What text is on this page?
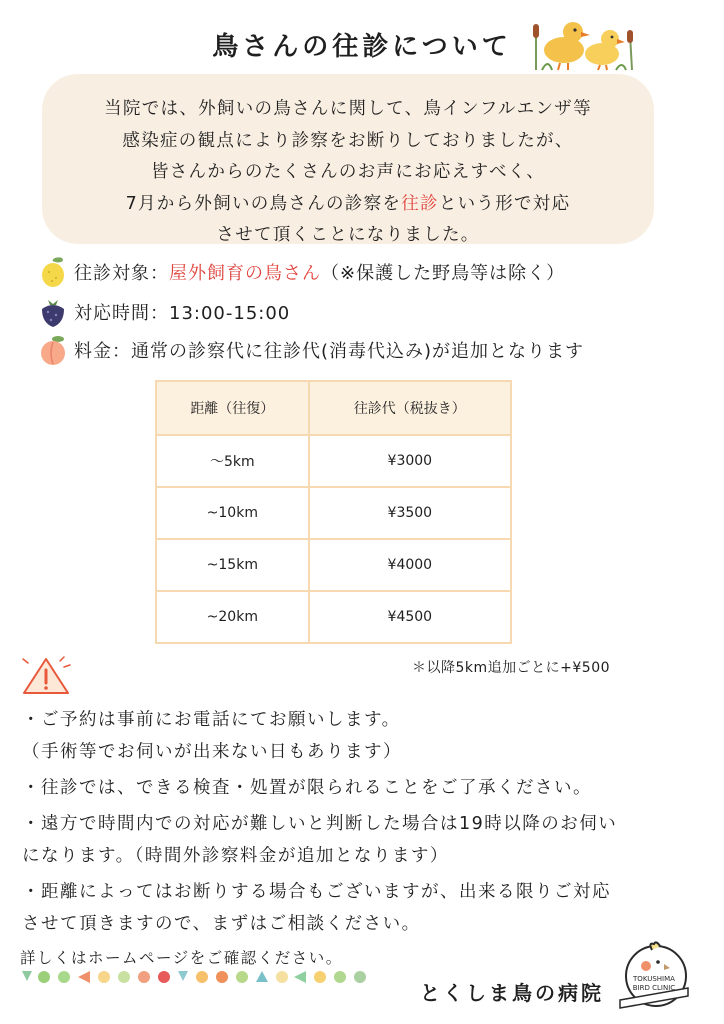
鳥さんの往診について
当院では、外飼いの鳥さんに関して、鳥インフルエンザ等
感染症の観点により診察をお断りしておりましたが、
皆さんからのたくさんのお声にお応えすべく、
7月から外飼いの鳥さんの診察を往診という形で対応
させて頂くことになりました。
往診対象： 屋外飼育の鳥さん （※保護した野鳥等は除く）
対応時間：13:00-15:00
料金：通常の診察代に往診代(消毒代込み)が追加となります
距離（往復）	往診代（税抜き）
～5km	¥3000
~10km	¥3500
~15km	¥4000
~20km	¥4500
＊以降5km追加ごとに+¥500

・ご予約は事前にお電話にてお願いします。

（手術等でお伺いが出来ない日もあります）

・往診では、できる検査・処置が限られることをご了承ください。

・遠方で時間内での対応が難しいと判断した場合は19時以降のお伺い

になります。（時間外診察料金が追加となります）

・距離によってはお断りする場合もございますが、出来る限りご対応

させて頂きますので、まずはご相談ください。

詳しくはホームページをご確認ください。
とくしま鳥の病院
TOKUSHIMA
BIRD CLINIC
